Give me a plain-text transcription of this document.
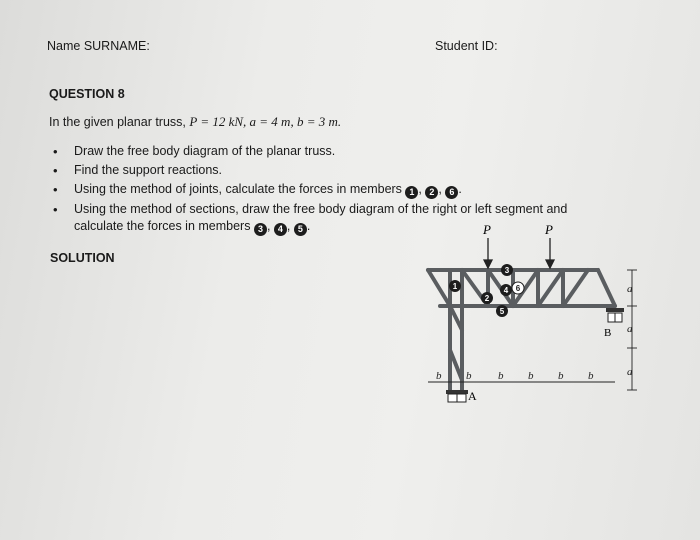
Name SURNAME:	Student ID:
QUESTION 8
In the given planar truss, P = 12 kN, a = 4 m, b = 3 m.
• Draw the free body diagram of the planar truss.
• Find the support reactions.
• Using the method of joints, calculate the forces in members 1 , 2 , 6 .
• Using the method of sections, draw the free body diagram of the right or left segment and calculate the forces in members 3 , 4 , 5 .
SOLUTION
P	P
B
A
1
2
3
4
5
6
b b b b b b
a
a
a
